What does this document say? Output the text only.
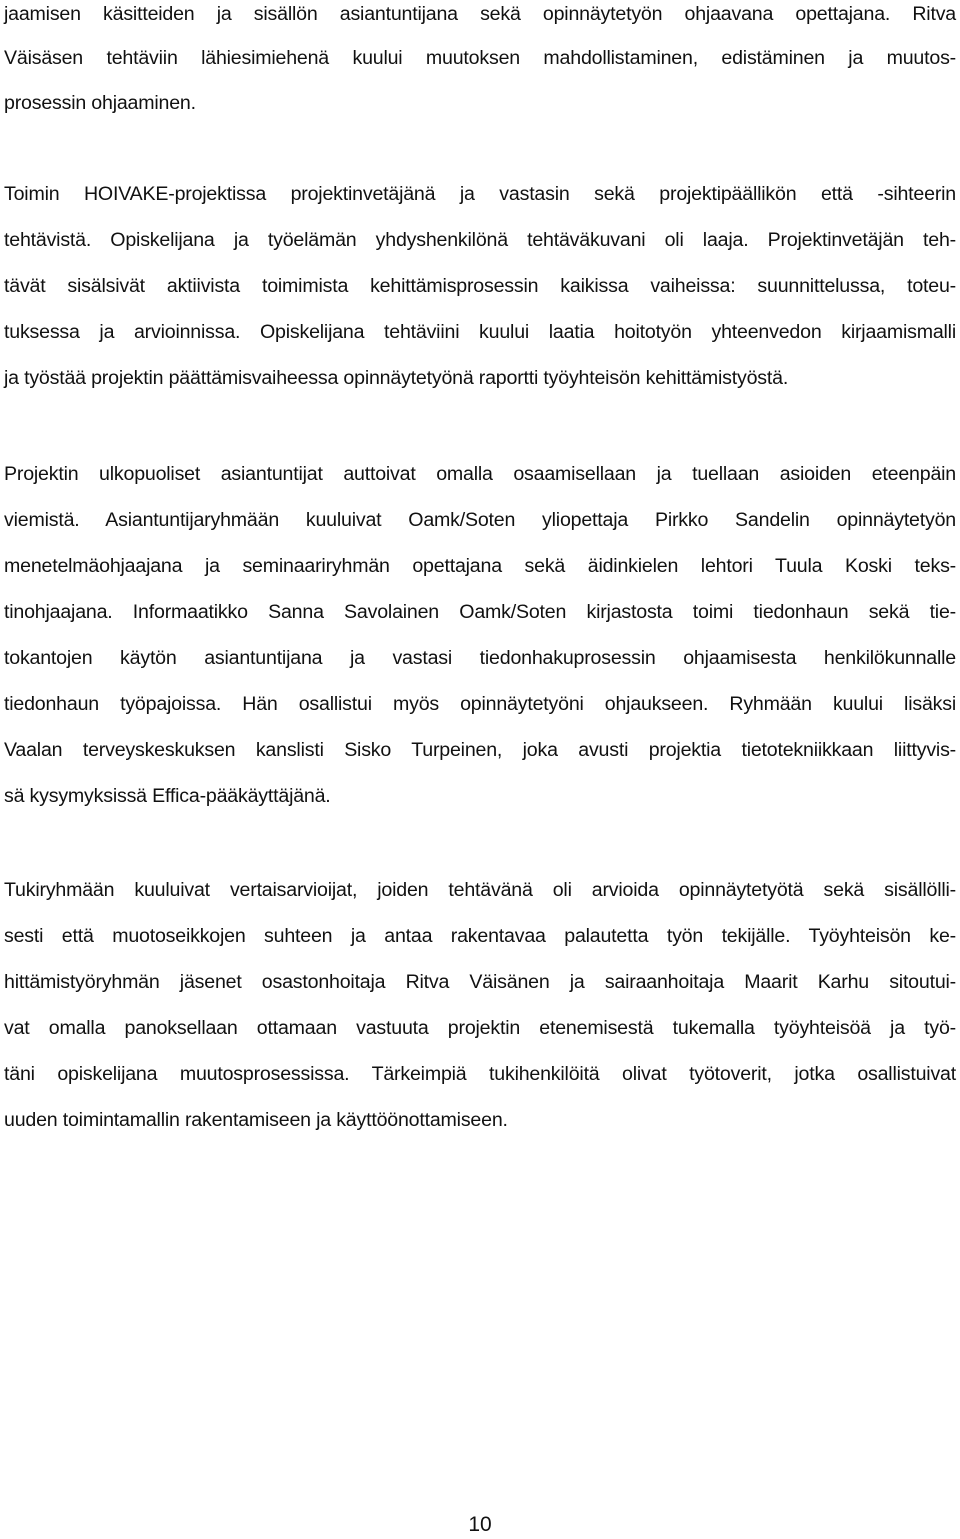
jaamisen käsitteiden ja sisällön asiantuntijana sekä opinnäytetyön ohjaavana opettajana. Ritva
Väisäsen tehtäviin lähiesimiehenä kuului muutoksen mahdollistaminen, edistäminen ja muutos-
prosessin ohjaaminen.
Toimin HOIVAKE-projektissa projektinvetäjänä ja vastasin sekä projektipäällikön että -sihteerin
tehtävistä. Opiskelijana ja työelämän yhdyshenkilönä tehtäväkuvani oli laaja. Projektinvetäjän teh-
tävät sisälsivät aktiivista toimimista kehittämisprosessin kaikissa vaiheissa: suunnittelussa, toteu-
tuksessa ja arvioinnissa. Opiskelijana tehtäviini kuului laatia hoitotyön yhteenvedon kirjaamismalli
ja työstää projektin päättämisvaiheessa opinnäytetyönä raportti työyhteisön kehittämistyöstä.
Projektin ulkopuoliset asiantuntijat auttoivat omalla osaamisellaan ja tuellaan asioiden eteenpäin
viemistä. Asiantuntijaryhmään kuuluivat Oamk/Soten yliopettaja Pirkko Sandelin opinnäytetyön
menetelmäohjaajana ja seminaariryhmän opettajana sekä äidinkielen lehtori Tuula Koski teks-
tinohjaajana. Informaatikko Sanna Savolainen Oamk/Soten kirjastosta toimi tiedonhaun sekä tie-
tokantojen käytön asiantuntijana ja vastasi tiedonhakuprosessin ohjaamisesta henkilökunnalle
tiedonhaun työpajoissa. Hän osallistui myös opinnäytetyöni ohjaukseen. Ryhmään kuului lisäksi
Vaalan terveyskeskuksen kanslisti Sisko Turpeinen, joka avusti projektia tietotekniikkaan liittyvis-
sä kysymyksissä Effica-pääkäyttäjänä.
Tukiryhmään kuuluivat vertaisarvioijat, joiden tehtävänä oli arvioida opinnäytetyötä sekä sisällölli-
sesti että muotoseikkojen suhteen ja antaa rakentavaa palautetta työn tekijälle. Työyhteisön ke-
hittämistyöryhmän jäsenet osastonhoitaja Ritva Väisänen ja sairaanhoitaja Maarit Karhu sitoutui-
vat omalla panoksellaan ottamaan vastuuta projektin etenemisestä tukemalla työyhteisöä ja työ-
täni opiskelijana muutosprosessissa. Tärkeimpiä tukihenkilöitä olivat työtoverit, jotka osallistuivat
uuden toimintamallin rakentamiseen ja käyttöönottamiseen.
10
